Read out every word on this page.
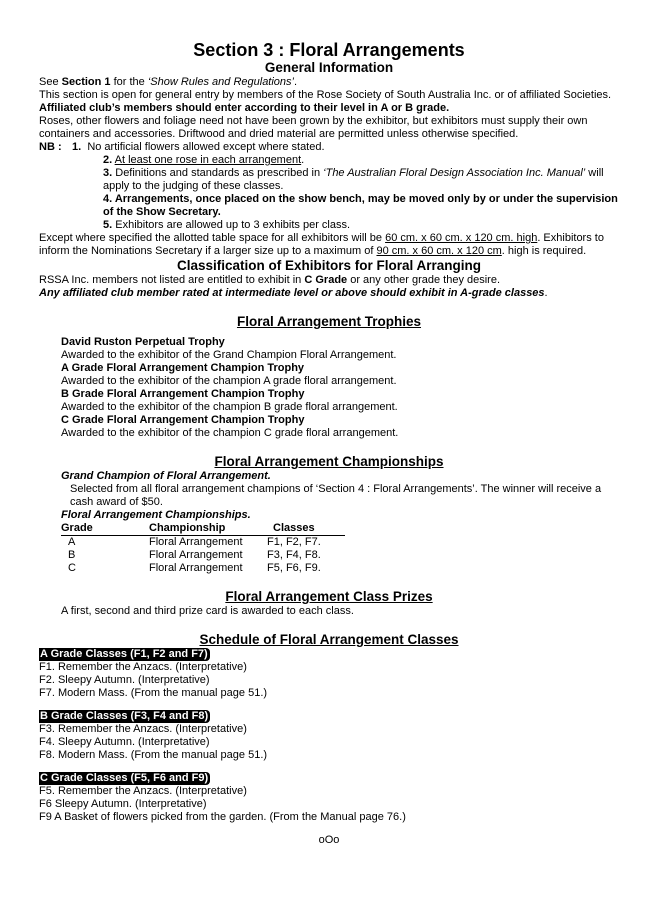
Section 3 : Floral Arrangements
General Information

See Section 1 for the ‘Show Rules and Regulations’.

This section is open for general entry by members of the Rose Society of South Australia Inc. or of affiliated Societies.

Affiliated club’s members should enter according to their level in A or B grade.

Roses, other flowers and foliage need not have been grown by the exhibitor, but exhibitors must supply their own containers and accessories. Driftwood and dried material are permitted unless otherwise specified.

NB : 1. No artificial flowers allowed except where stated.

2. At least one rose in each arrangement.

3. Definitions and standards as prescribed in ‘The Australian Floral Design Association Inc. Manual’ will apply to the judging of these classes.

4. Arrangements, once placed on the show bench, may be moved only by or under the supervision of the Show Secretary.

5. Exhibitors are allowed up to 3 exhibits per class.

Except where specified the allotted table space for all exhibitors will be 60 cm. x 60 cm. x 120 cm. high. Exhibitors to inform the Nominations Secretary if a larger size up to a maximum of 90 cm. x 60 cm. x 120 cm. high is required.

Classification of Exhibitors for Floral Arranging

RSSA Inc. members not listed are entitled to exhibit in C Grade or any other grade they desire.

Any affiliated club member rated at intermediate level or above should exhibit in A-grade classes.

Floral Arrangement Trophies

David Ruston Perpetual Trophy

Awarded to the exhibitor of the Grand Champion Floral Arrangement.

A Grade Floral Arrangement Champion Trophy

Awarded to the exhibitor of the champion A grade floral arrangement.

B Grade Floral Arrangement Champion Trophy

Awarded to the exhibitor of the champion B grade floral arrangement.

C Grade Floral Arrangement Champion Trophy

Awarded to the exhibitor of the champion C grade floral arrangement.

Floral Arrangement Championships

Grand Champion of Floral Arrangement.

Selected from all floral arrangement champions of ‘Section 4 : Floral Arrangements’. The winner will receive a cash award of $50.

Floral Arrangement Championships.

Grade	Championship	Classes
A	Floral Arrangement	F1, F2, F7.
B	Floral Arrangement	F3, F4, F8.
C	Floral Arrangement	F5, F6, F9.
Floral Arrangement Class Prizes

A first, second and third prize card is awarded to each class.

Schedule of Floral Arrangement Classes
A Grade Classes (F1, F2 and F7)

F1. Remember the Anzacs. (Interpretative)

F2. Sleepy Autumn. (Interpretative)

F7. Modern Mass. (From the manual page 51.)

B Grade Classes (F3, F4 and F8)

F3. Remember the Anzacs. (Interpretative)

F4. Sleepy Autumn. (Interpretative)

F8. Modern Mass. (From the manual page 51.)

C Grade Classes (F5, F6 and F9)

F5. Remember the Anzacs. (Interpretative)

F6 Sleepy Autumn. (Interpretative)

F9 A Basket of flowers picked from the garden. (From the Manual page 76.)

oOo
